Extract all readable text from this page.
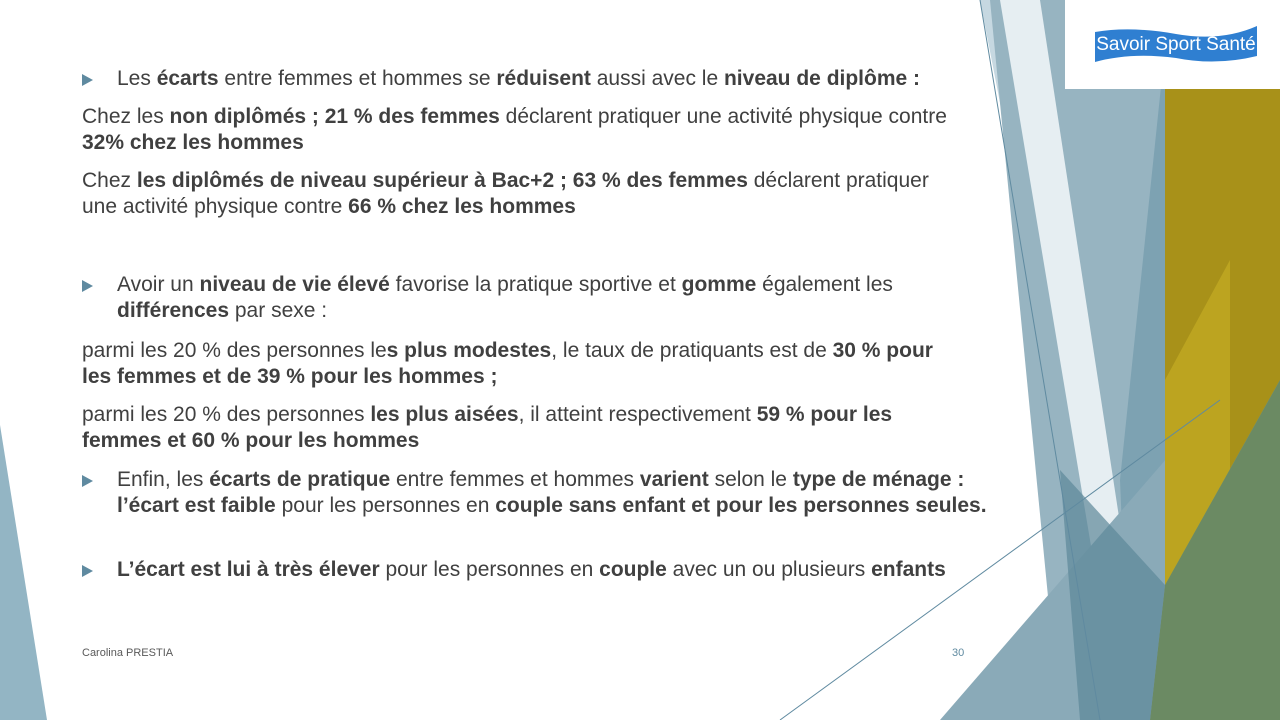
Savoir Sport Santé

Les écarts entre femmes et hommes se réduisent aussi avec le niveau de diplôme :

Chez les non diplômés ; 21 % des femmes déclarent pratiquer une activité physique contre 32% chez les hommes

Chez les diplômés de niveau supérieur à Bac+2 ; 63 % des femmes déclarent pratiquer une activité physique contre 66 % chez les hommes

Avoir un niveau de vie élevé favorise la pratique sportive et gomme également les différences par sexe :

parmi les 20 % des personnes les plus modestes, le taux de pratiquants est de 30 % pour les femmes et de 39 % pour les hommes ;

parmi les 20 % des personnes les plus aisées, il atteint respectivement 59 % pour les femmes et 60 % pour les hommes

Enfin, les écarts de pratique entre femmes et hommes varient selon le type de ménage : l’écart est faible pour les personnes en couple sans enfant et pour les personnes seules.

L’écart est lui à très élever pour les personnes en couple avec un ou plusieurs enfants

Carolina PRESTIA	30
